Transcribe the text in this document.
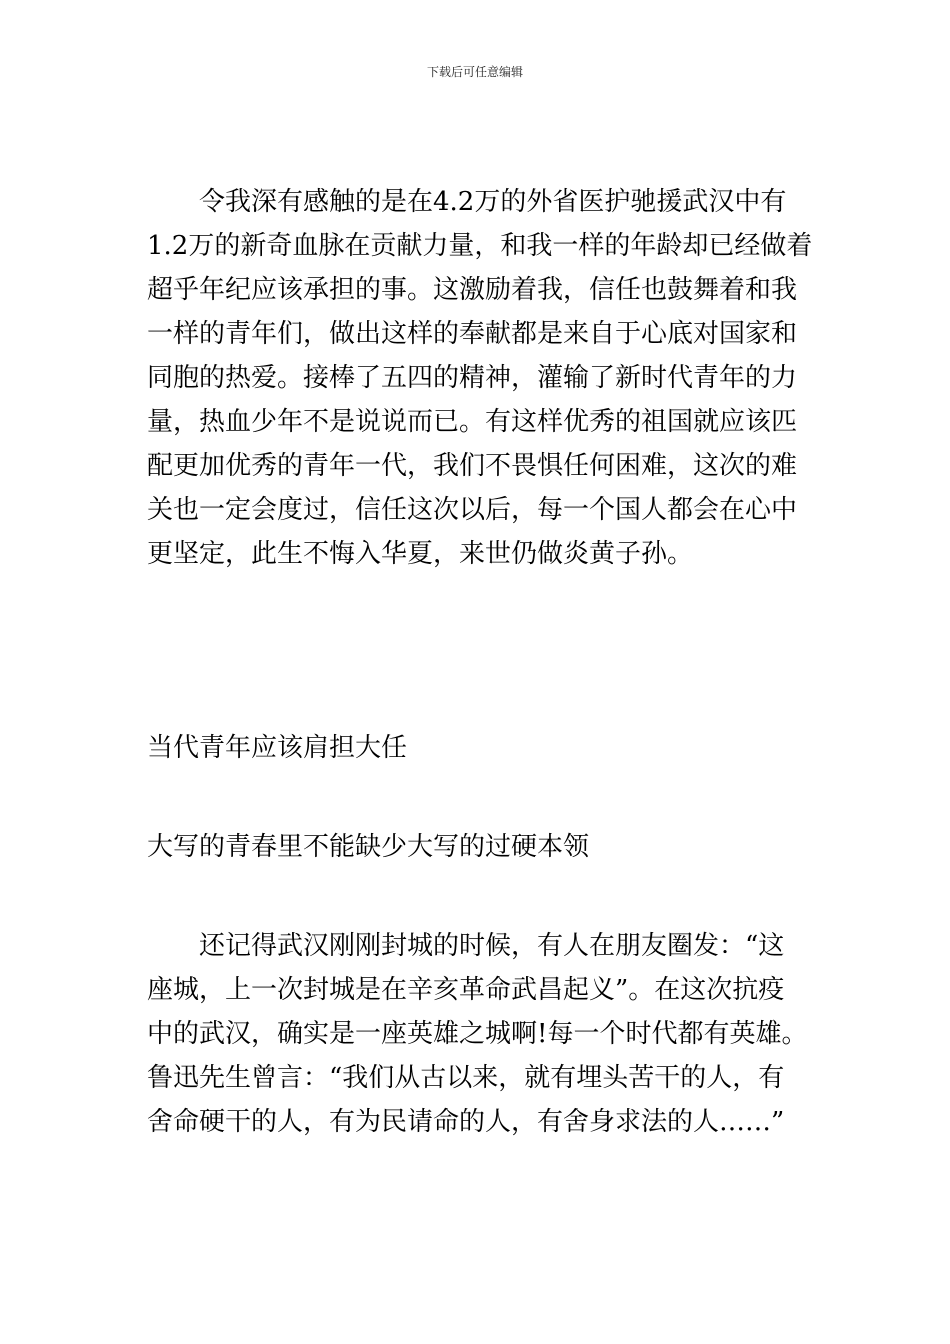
下载后可任意编辑
令我深有感触的是在4.2万的外省医护驰援武汉中有
1.2万的新奇血脉在贡献力量，和我一样的年龄却已经做着
超乎年纪应该承担的事。这激励着我，信任也鼓舞着和我
一样的青年们，做出这样的奉献都是来自于心底对国家和
同胞的热爱。接棒了五四的精神，灌输了新时代青年的力
量，热血少年不是说说而已。有这样优秀的祖国就应该匹
配更加优秀的青年一代，我们不畏惧任何困难，这次的难
关也一定会度过，信任这次以后，每一个国人都会在心中
更坚定，此生不悔入华夏，来世仍做炎黄子孙。
当代青年应该肩担大任
大写的青春里不能缺少大写的过硬本领
还记得武汉刚刚封城的时候，有人在朋友圈发：“这
座城，上一次封城是在辛亥革命武昌起义”。在这次抗疫
中的武汉，确实是一座英雄之城啊!每一个时代都有英雄。
鲁迅先生曾言：“我们从古以来，就有埋头苦干的人，有
舍命硬干的人，有为民请命的人，有舍身求法的人……”
